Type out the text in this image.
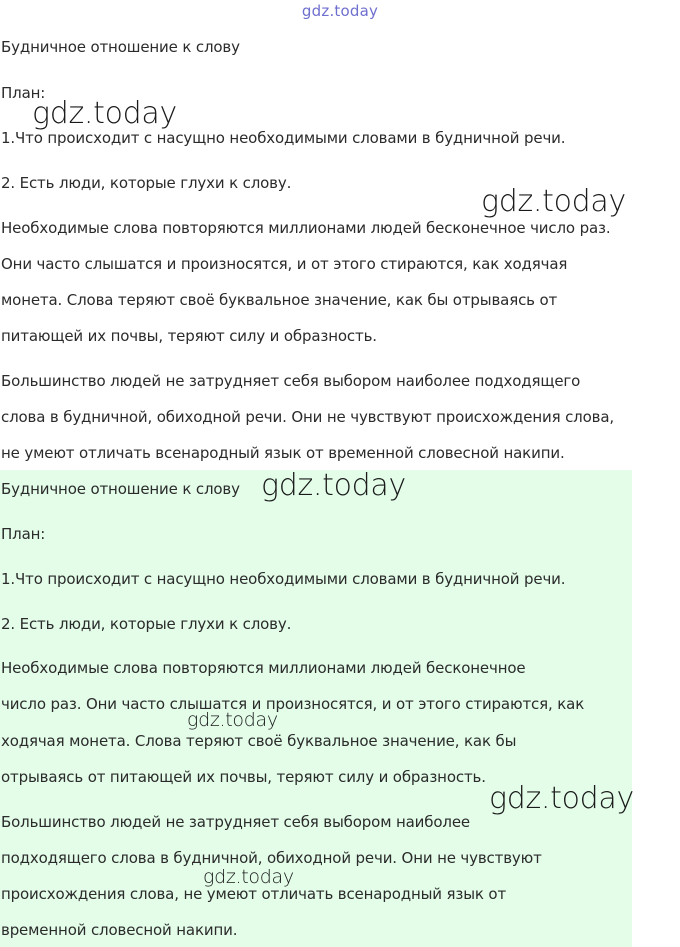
gdz.today
Будничное отношение к слову
План:
1.Что происходит с насущно необходимыми словами в будничной речи.
2. Есть люди, которые глухи к слову.
Необходимые слова повторяются миллионами людей бесконечное число раз.
Они часто слышатся и произносятся, и от этого стираются, как ходячая
монета. Слова теряют своё буквальное значение, как бы отрываясь от
питающей их почвы, теряют силу и образность.
Большинство людей не затрудняет себя выбором наиболее подходящего
слова в будничной, обиходной речи. Они не чувствуют происхождения слова,
не умеют отличать всенародный язык от временной словесной накипи.
Будничное отношение к слову
План:
1.Что происходит с насущно необходимыми словами в будничной речи.
2. Есть люди, которые глухи к слову.
Необходимые слова повторяются миллионами людей бесконечное
число раз. Они часто слышатся и произносятся, и от этого стираются, как
ходячая монета. Слова теряют своё буквальное значение, как бы
отрываясь от питающей их почвы, теряют силу и образность.
Большинство людей не затрудняет себя выбором наиболее
подходящего слова в будничной, обиходной речи. Они не чувствуют
происхождения слова, не умеют отличать всенародный язык от
временной словесной накипи.
gdz.today
gdz.today
gdz.today
gdz.today
gdz.today
gdz.today
